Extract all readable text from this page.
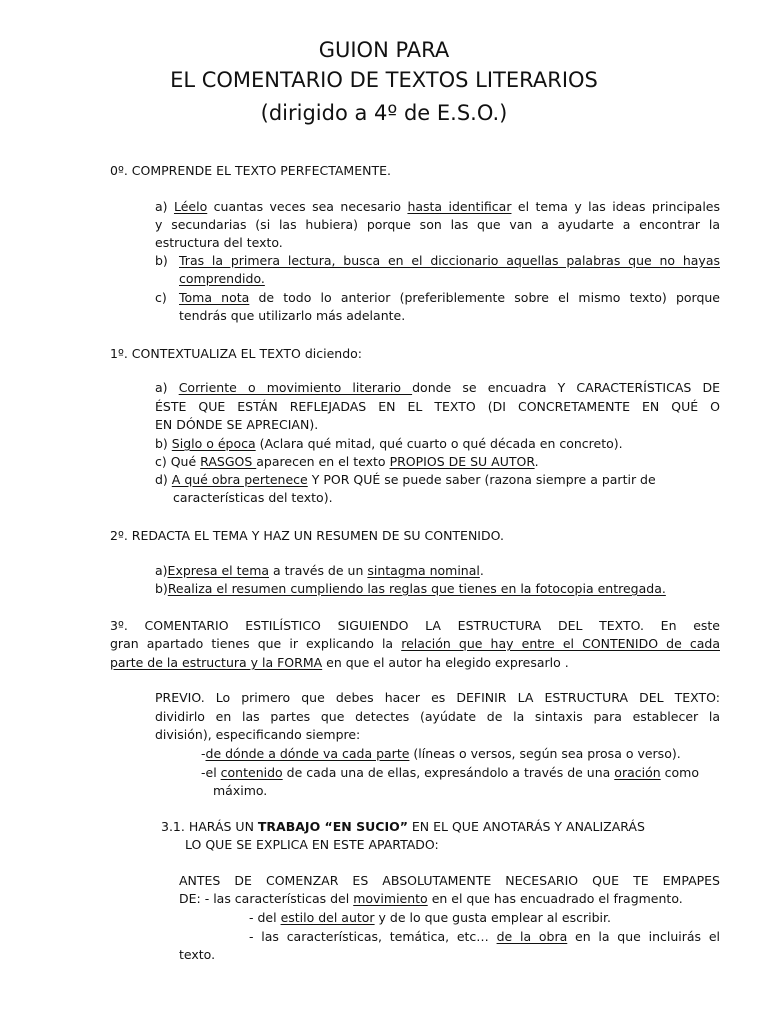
GUION PARA
EL COMENTARIO DE TEXTOS LITERARIOS
(dirigido a 4º de E.S.O.)
0º. COMPRENDE EL TEXTO PERFECTAMENTE.
a) Léelo cuantas veces sea necesario hasta identificar el tema y las ideas principales
y secundarias (si las hubiera) porque son las que van a ayudarte a encontrar la
estructura del texto.
b) Tras la primera lectura, busca en el diccionario aquellas palabras que no hayas
comprendido.
c) Toma nota de todo lo anterior (preferiblemente sobre el mismo texto) porque
tendrás que utilizarlo más adelante.
1º. CONTEXTUALIZA EL TEXTO diciendo:
a) Corriente o movimiento literario donde se encuadra Y CARACTERÍSTICAS DE
ÉSTE QUE ESTÁN REFLEJADAS EN EL TEXTO (DI CONCRETAMENTE EN QUÉ O
EN DÓNDE SE APRECIAN).
b) Siglo o época (Aclara qué mitad, qué cuarto o qué década en concreto).
c) Qué RASGOS aparecen en el texto PROPIOS DE SU AUTOR.
d) A qué obra pertenece Y POR QUÉ se puede saber (razona siempre a partir de
características del texto).
2º. REDACTA EL TEMA Y HAZ UN RESUMEN DE SU CONTENIDO.
a)Expresa el tema a través de un sintagma nominal.
b)Realiza el resumen cumpliendo las reglas que tienes en la fotocopia entregada.
3º. COMENTARIO ESTILÍSTICO SIGUIENDO LA ESTRUCTURA DEL TEXTO. En este
gran apartado tienes que ir explicando la relación que hay entre el CONTENIDO de cada
parte de la estructura y la FORMA en que el autor ha elegido expresarlo .
PREVIO. Lo primero que debes hacer es DEFINIR LA ESTRUCTURA DEL TEXTO:
dividirlo en las partes que detectes (ayúdate de la sintaxis para establecer la
división), especificando siempre:
-de dónde a dónde va cada parte (líneas o versos, según sea prosa o verso).
-el contenido de cada una de ellas, expresándolo a través de una oración como
máximo.
3.1. HARÁS UN TRABAJO “EN SUCIO” EN EL QUE ANOTARÁS Y ANALIZARÁS
LO QUE SE EXPLICA EN ESTE APARTADO:
ANTES DE COMENZAR ES ABSOLUTAMENTE NECESARIO QUE TE EMPAPES
DE: - las características del movimiento en el que has encuadrado el fragmento.
- del estilo del autor y de lo que gusta emplear al escribir.
- las características, temática, etc… de la obra en la que incluirás el
texto.
